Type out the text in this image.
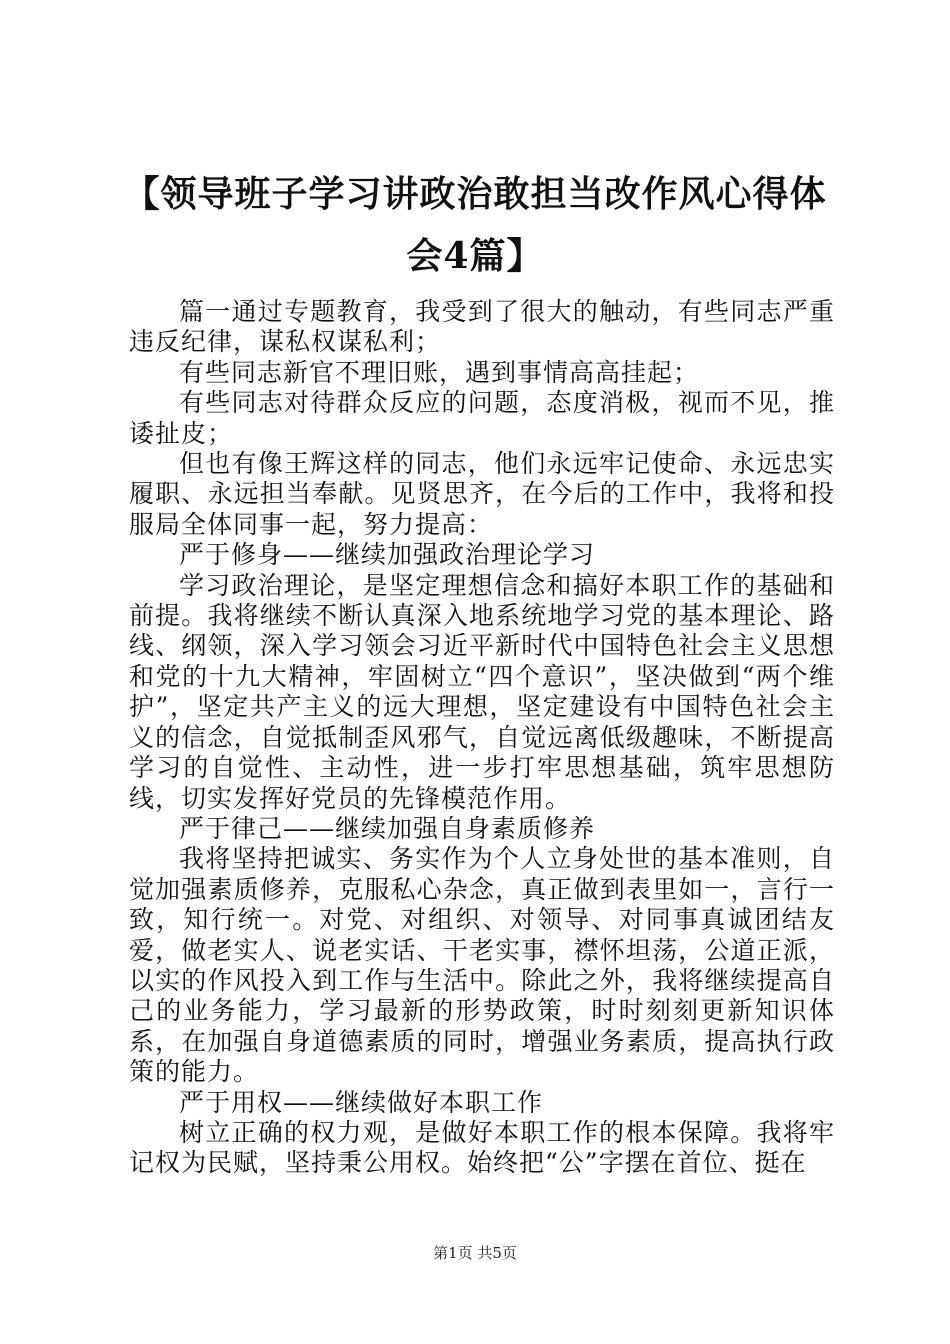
【领导班子学习讲政治敢担当改作风心得体会4篇】

篇一通过专题教育，我受到了很大的触动，有些同志严重违反纪律，谋私权谋私利；

有些同志新官不理旧账，遇到事情高高挂起；

有些同志对待群众反应的问题，态度消极，视而不见，推诿扯皮；

但也有像王辉这样的同志，他们永远牢记使命、永远忠实履职、永远担当奉献。见贤思齐，在今后的工作中，我将和投服局全体同事一起，努力提高：

严于修身——继续加强政治理论学习

学习政治理论，是坚定理想信念和搞好本职工作的基础和前提。我将继续不断认真深入地系统地学习党的基本理论、路线、纲领，深入学习领会习近平新时代中国特色社会主义思想和党的十九大精神，牢固树立“四个意识”，坚决做到“两个维护”，坚定共产主义的远大理想，坚定建设有中国特色社会主义的信念，自觉抵制歪风邪气，自觉远离低级趣味，不断提高学习的自觉性、主动性，进一步打牢思想基础，筑牢思想防线，切实发挥好党员的先锋模范作用。

严于律己——继续加强自身素质修养

我将坚持把诚实、务实作为个人立身处世的基本准则，自觉加强素质修养，克服私心杂念，真正做到表里如一，言行一致，知行统一。对党、对组织、对领导、对同事真诚团结友爱，做老实人、说老实话、干老实事，襟怀坦荡，公道正派，以实的作风投入到工作与生活中。除此之外，我将继续提高自己的业务能力，学习最新的形势政策，时时刻刻更新知识体系，在加强自身道德素质的同时，增强业务素质，提高执行政策的能力。

严于用权——继续做好本职工作

树立正确的权力观，是做好本职工作的根本保障。我将牢记权为民赋，坚持秉公用权。始终把“公”字摆在首位、挺在

第1页 共5页
